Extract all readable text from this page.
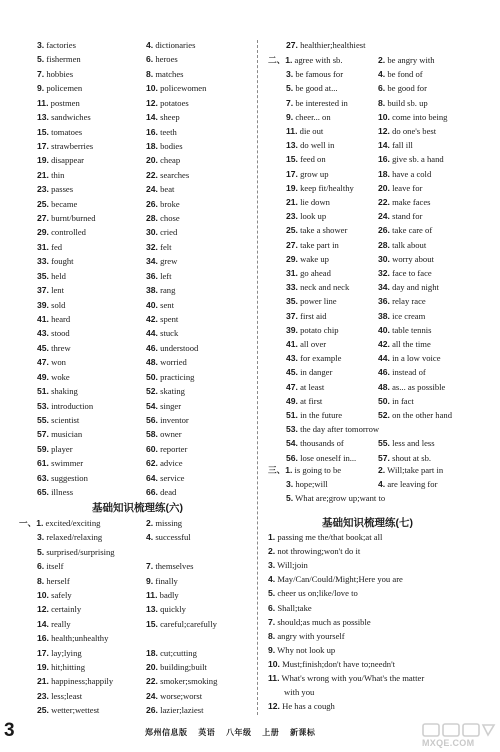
3. factories	4. dictionaries
5. fishermen	6. heroes
7. hobbies	8. matches
9. policemen	10. policewomen
11. postmen	12. potatoes
13. sandwiches	14. sheep
15. tomatoes	16. teeth
17. strawberries	18. bodies
19. disappear	20. cheap
21. thin	22. searches
23. passes	24. beat
25. became	26. broke
27. burnt/burned	28. chose
29. controlled	30. cried
31. fed	32. felt
33. fought	34. grew
35. held	36. left
37. lent	38. rang
39. sold	40. sent
41. heard	42. spent
43. stood	44. stuck
45. threw	46. understood
47. won	48. worried
49. woke	50. practicing
51. shaking	52. skating
53. introduction	54. singer
55. scientist	56. inventor
57. musician	58. owner
59. player	60. reporter
61. swimmer	62. advice
63. suggestion	64. service
65. illness	66. dead
基础知识梳理练(六)
一、1. excited/exciting	2. missing
3. relaxed/relaxing	4. successful
5. surprised/surprising
6. itself	7. themselves
8. herself	9. finally
10. safely	11. badly
12. certainly	13. quickly
14. really	15. careful;carefully
16. health;unhealthy
17. lay;lying	18. cut;cutting
19. hit;hitting	20. building;built
21. happiness;happily	22. smoker;smoking
23. less;least	24. worse;worst
25. wetter;wettest	26. lazier;laziest
27. healthier;healthiest
二、1. agree with sb.	2. be angry with
3. be famous for	4. be fond of
5. be good at...	6. be good for
7. be interested in	8. build sb. up
9. cheer... on	10. come into being
11. die out	12. do one's best
13. do well in	14. fall ill
15. feed on	16. give sb. a hand
17. grow up	18. have a cold
19. keep fit/healthy	20. leave for
21. lie down	22. make faces
23. look up	24. stand for
25. take a shower	26. take care of
27. take part in	28. talk about
29. wake up	30. worry about
31. go ahead	32. face to face
33. neck and neck	34. day and night
35. power line	36. relay race
37. first aid	38. ice cream
39. potato chip	40. table tennis
41. all over	42. all the time
43. for example	44. in a low voice
45. in danger	46. instead of
47. at least	48. as... as possible
49. at first	50. in fact
51. in the future	52. on the other hand
53. the day after tomorrow
54. thousands of	55. less and less
56. lose oneself in...	57. shout at sb.
三、1. is going to be	2. Will;take part in
3. hope;will	4. are leaving for
5. What are;grow up;want to
基础知识梳理练(七)
1. passing me the/that book;at all
2. not throwing;won't do it
3. Will;join
4. May/Can/Could/Might;Here you are
5. cheer us on;like/love to
6. Shall;take
7. should;as much as possible
8. angry with yourself
9. Why not look up
10. Must;finish;don't have to;needn't
11. What's wrong with you/What's the matter
with you
12. He has a cough
3	郑州信息版 英语 八年级 上册 新课标
MXQE.COM
